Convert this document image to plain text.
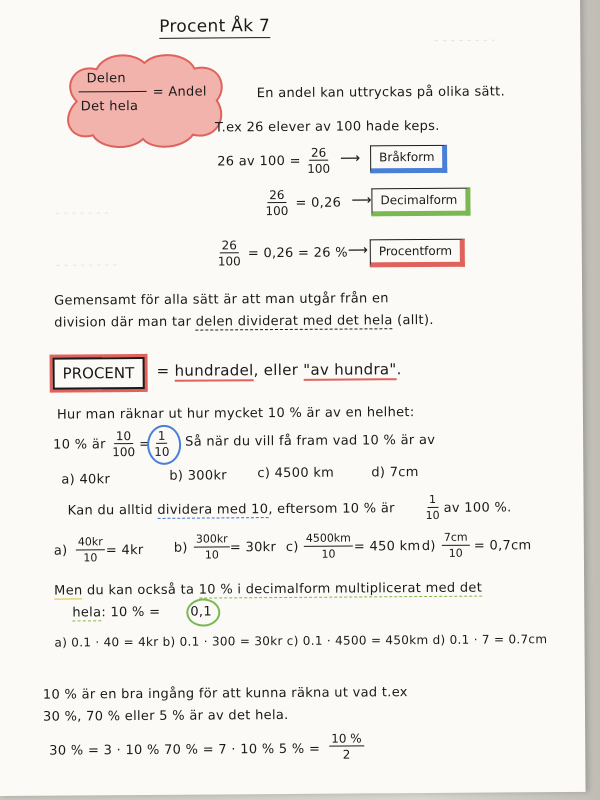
- - - - - - - -
- - - - - - -
- - - - - - - -
Procent Åk 7
Delen
Det hela
= Andel	En andel kan uttryckas på olika sätt.
T.ex 26 elever av 100 hade keps.
26 av $100 = \frac{26}{100}$ ⟶	Bråkform
$\frac{26}{100} = 0,26$ ⟶ Decimalform
$\frac{26}{100} = 0,26 = 26$ % ⟶ Procentform
Gemensamt för alla sätt är att man utgår från en
division där man tar delen dividerat med det hela (allt).
PROCENT	= hundradel, eller "av hundra".
Hur man räknar ut hur mycket 10 % är av en helhet:
10 % är $\frac{10}{100} = \frac{1}{10}$ Så när du vill få fram vad 10 % är av
a) 40kr	b) 300kr c) 4500 km	d) 7cm
Kan du alltid dividera med 10, eftersom 10 % är	$\frac{1}{10}$ av 100 %.
$a) \frac{40kr}{10} = 4kr$ $b) \frac{300kr}{10} = 30kr$ $c) \frac{4500km}{10} = 450$ km $d) \frac{7cm}{10} = 0,7cm$
Men du kan också ta 10 % i decimalform multiplicerat med det
hela: 10 % = 0,1
a) 0.1 · 40 = 4kr b) 0.1 · 300 = 30kr c) 0.1 · 4500 = 450km d) 0.1 · 7 = 0.7cm
10 % är en bra ingång för att kunna räkna ut vad t.ex
30 %, 70 % eller 5 % är av det hela.
30 % = 3 · 10 % 70 % = 7 · 10 % 5 % = $\frac{10 \%}{2}$
